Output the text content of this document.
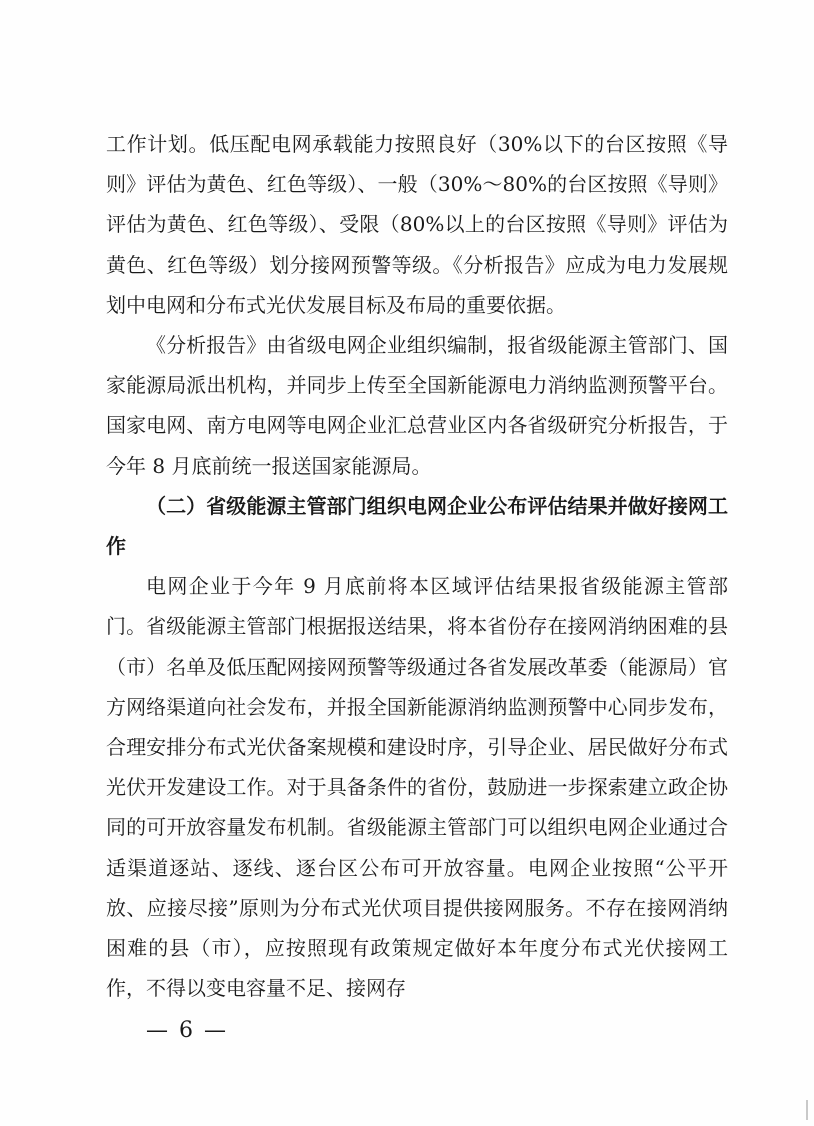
工作计划。低压配电网承载能力按照良好（30%以下的台区按照《导则》评估为黄色、红色等级）、一般（30%～80%的台区按照《导则》评估为黄色、红色等级）、受限（80%以上的台区按照《导则》评估为黄色、红色等级）划分接网预警等级。《分析报告》应成为电力发展规划中电网和分布式光伏发展目标及布局的重要依据。

《分析报告》由省级电网企业组织编制，报省级能源主管部门、国家能源局派出机构，并同步上传至全国新能源电力消纳监测预警平台。国家电网、南方电网等电网企业汇总营业区内各省级研究分析报告，于今年 8 月底前统一报送国家能源局。

（二）省级能源主管部门组织电网企业公布评估结果并做好接网工作

电网企业于今年 9 月底前将本区域评估结果报省级能源主管部门。省级能源主管部门根据报送结果，将本省份存在接网消纳困难的县（市）名单及低压配网接网预警等级通过各省发展改革委（能源局）官方网络渠道向社会发布，并报全国新能源消纳监测预警中心同步发布，合理安排分布式光伏备案规模和建设时序，引导企业、居民做好分布式光伏开发建设工作。对于具备条件的省份，鼓励进一步探索建立政企协同的可开放容量发布机制。省级能源主管部门可以组织电网企业通过合适渠道逐站、逐线、逐台区公布可开放容量。电网企业按照“公平开放、应接尽接”原则为分布式光伏项目提供接网服务。不存在接网消纳困难的县（市），应按照现有政策规定做好本年度分布式光伏接网工作，不得以变电容量不足、接网存

— 6 —
